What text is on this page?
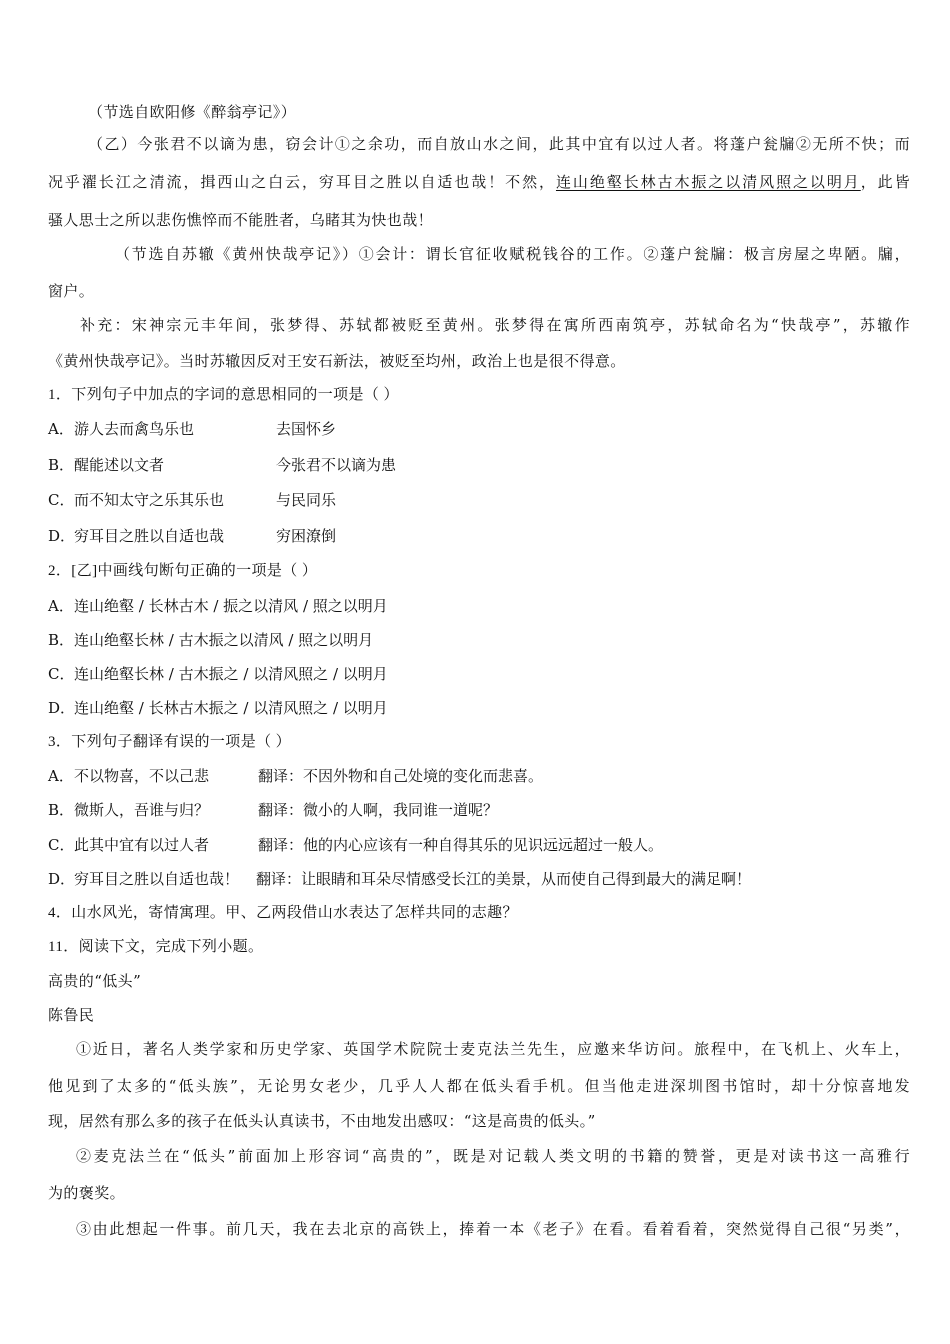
（节选自欧阳修《醉翁亭记》）
（乙）今张君不以谪为患，窃会计①之余功，而自放山水之间，此其中宜有以过人者。将蓬户瓮牖②无所不快；而
况乎濯长江之清流，揖西山之白云，穷耳目之胜以自适也哉！不然，连山绝壑长林古木振之以清风照之以明月，此皆
骚人思士之所以悲伤憔悴而不能胜者，乌睹其为快也哉！
（节选自苏辙《黄州快哉亭记》）①会计：谓长官征收赋税钱谷的工作。②蓬户瓮牖：极言房屋之卑陋。牖，
窗户。
补充：宋神宗元丰年间，张梦得、苏轼都被贬至黄州。张梦得在寓所西南筑亭，苏轼命名为“快哉亭”，苏辙作
《黄州快哉亭记》。当时苏辙因反对王安石新法，被贬至均州，政治上也是很不得意。
1．下列句子中加点的字词的意思相同的一项是（ ）
A．游人去而禽鸟乐也	去国怀乡
B．醒能述以文者	今张君不以谪为患
C．而不知太守之乐其乐也	与民同乐
D．穷耳目之胜以自适也哉	穷困潦倒
2．[乙]中画线句断句正确的一项是（ ）
A．连山绝壑 / 长林古木 / 振之以清风 / 照之以明月
B．连山绝壑长林 / 古木振之以清风 / 照之以明月
C．连山绝壑长林 / 古木振之 / 以清风照之 / 以明月
D．连山绝壑 / 长林古木振之 / 以清风照之 / 以明月
3．下列句子翻译有误的一项是（ ）
A．不以物喜，不以己悲	翻译：不因外物和自己处境的变化而悲喜。
B．微斯人，吾谁与归？	翻译：微小的人啊，我同谁一道呢？
C．此其中宜有以过人者	翻译：他的内心应该有一种自得其乐的见识远远超过一般人。
D．穷耳目之胜以自适也哉！ 翻译：让眼睛和耳朵尽情感受长江的美景，从而使自己得到最大的满足啊！
4．山水风光，寄情寓理。甲、乙两段借山水表达了怎样共同的志趣？
11．阅读下文，完成下列小题。
高贵的“低头”
陈鲁民
①近日，著名人类学家和历史学家、英国学术院院士麦克法兰先生，应邀来华访问。旅程中，在飞机上、火车上，
他见到了太多的“低头族”，无论男女老少，几乎人人都在低头看手机。但当他走进深圳图书馆时，却十分惊喜地发
现，居然有那么多的孩子在低头认真读书，不由地发出感叹：“这是高贵的低头。”
②麦克法兰在“低头”前面加上形容词“高贵的”，既是对记载人类文明的书籍的赞誉，更是对读书这一高雅行
为的褒奖。
③由此想起一件事。前几天，我在去北京的高铁上，捧着一本《老子》在看。看着看着，突然觉得自己很“另类”，
